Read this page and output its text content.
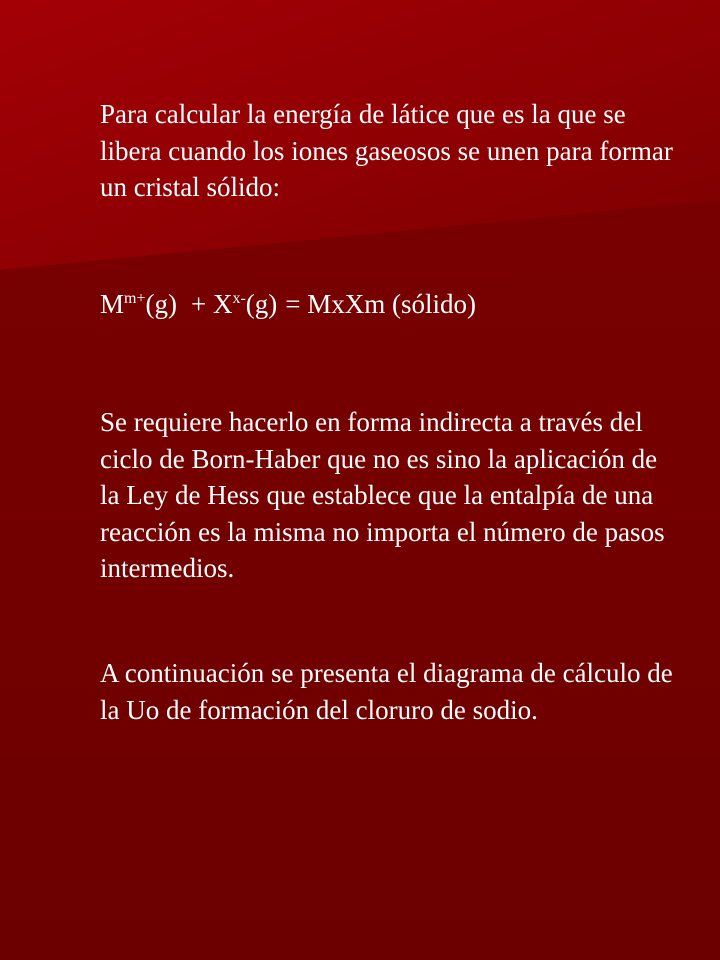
Para calcular la energía de látice que es la que se libera cuando los iones gaseosos se unen para formar un cristal sólido:

$M^{m+}(g) + X^{x-}(g)$ = MxXm (sólido)

Se requiere hacerlo en forma indirecta a través del ciclo de Born-Haber que no es sino la aplicación de la Ley de Hess que establece que la entalpía de una reacción es la misma no importa el número de pasos intermedios.

A continuación se presenta el diagrama de cálculo de la Uo de formación del cloruro de sodio.
